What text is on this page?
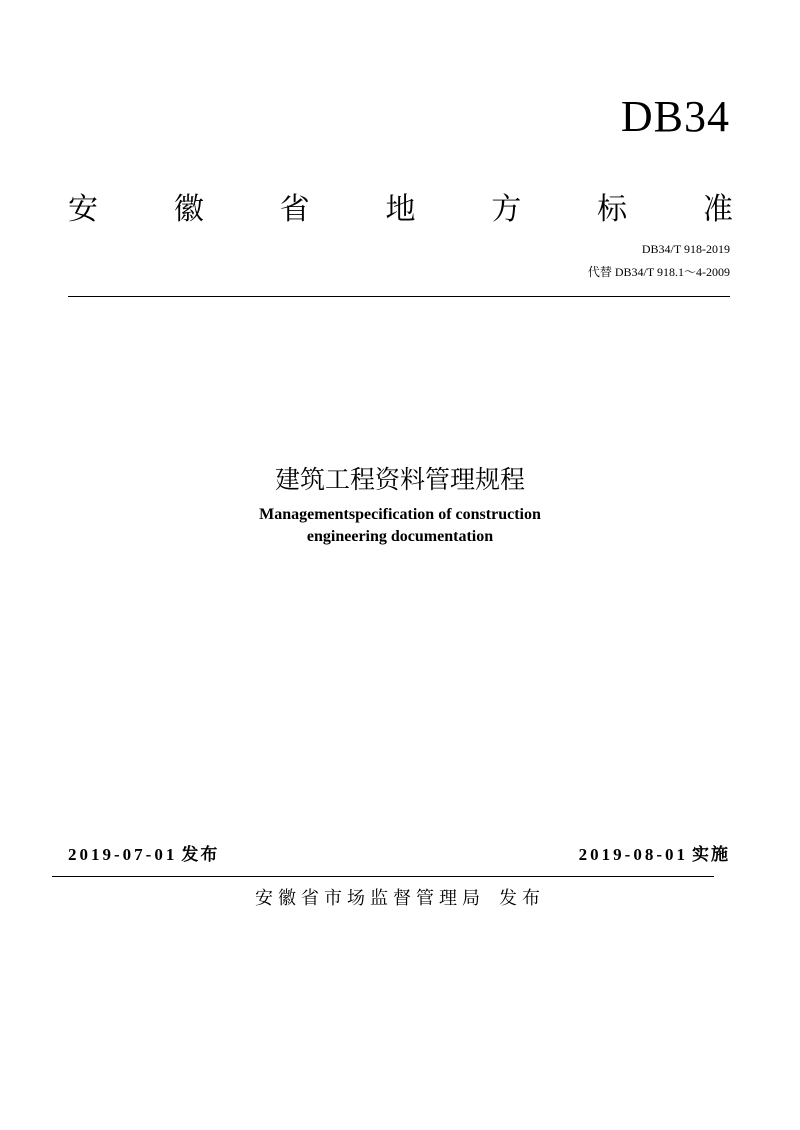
DB34
安	徽	省	地	方	标	准
DB34/T 918-2019
代替 DB34/T 918.1～4-2009
建筑工程资料管理规程
Managementspecification of construction
engineering documentation
2019-07-01 发布	2019-08-01 实施
安徽省市场监督管理局 发布
